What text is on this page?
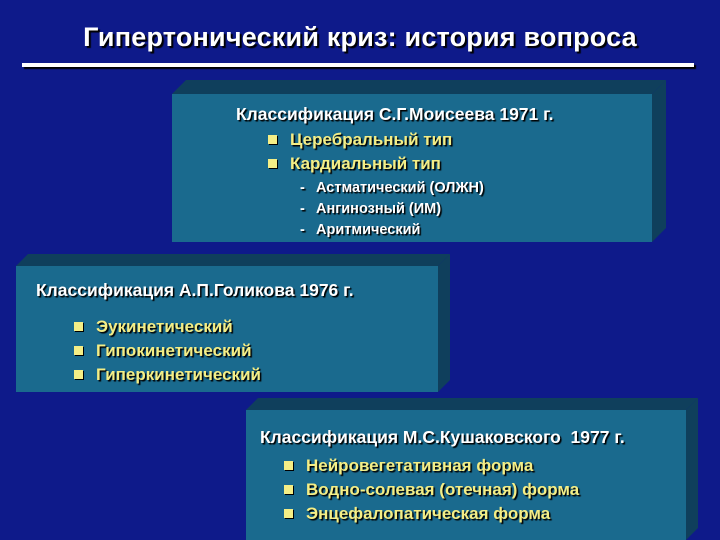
Гипертонический криз: история вопроса
Классификация С.Г.Моисеева 1971 г.
Церебральный тип
Кардиальный тип
- Астматический (ОЛЖН)
- Ангинозный (ИМ)
- Аритмический
Классификация А.П.Голикова 1976 г.
Эукинетический
Гипокинетический
Гиперкинетический
Классификация М.С.Кушаковского  1977 г.
Нейровегетативная форма
Водно-солевая (отечная) форма
Энцефалопатическая форма
